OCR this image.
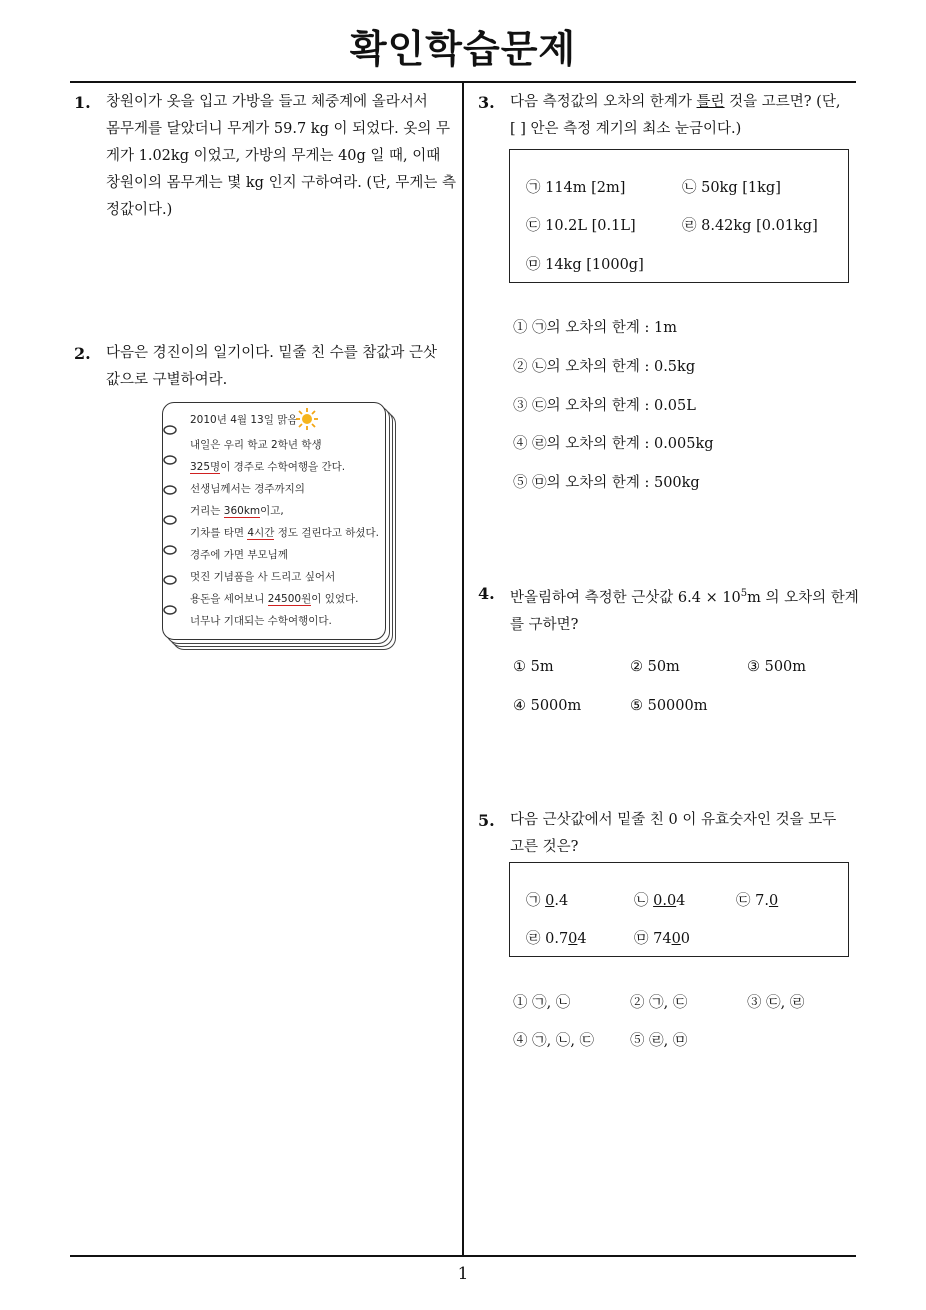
확인학습문제
1
1. 창원이가 옷을 입고 가방을 들고 체중계에 올라서서
몸무게를 달았더니 무게가 59.7 kg 이 되었다. 옷의 무
게가 1.02kg 이었고, 가방의 무게는 40g 일 때, 이때
창원이의 몸무게는 몇 kg 인지 구하여라. (단, 무게는 측
정값이다.)
2. 다음은 경진이의 일기이다. 밑줄 친 수를 참값과 근삿
값으로 구별하여라.
2010년 4월 13일 맑음
내일은 우리 학교 2학년 학생
325명이 경주로 수학여행을 간다.
선생님께서는 경주까지의
거리는 360km이고,
기차를 타면 4시간 정도 걸린다고 하셨다.
경주에 가면 부모님께
멋진 기념품을 사 드리고 싶어서
용돈을 세어보니 24500원이 있었다.
너무나 기대되는 수학여행이다.
3. 다음 측정값의 오차의 한계가 틀린 것을 고르면? (단,
[ ] 안은 측정 계기의 최소 눈금이다.)
㉠ 114m [2m]	㉡ 50kg [1kg]
㉢ 10.2L [0.1L]	㉣ 8.42kg [0.01kg]
㉤ 14kg [1000g]
① ㉠의 오차의 한계 : 1m
② ㉡의 오차의 한계 : 0.5kg
③ ㉢의 오차의 한계 : 0.05L
④ ㉣의 오차의 한계 : 0.005kg
⑤ ㉤의 오차의 한계 : 500kg
4. 반올림하여 측정한 근삿값 $6.4 \times 10^5m$ 의 오차의 한계
를 구하면?
① 5m	② 50m	③ 500m
④ 5000m	⑤ 50000m
5. 다음 근삿값에서 밑줄 친 0 이 유효숫자인 것을 모두
고른 것은?
㉠ 0.4	㉡ 0.04	㉢ 7.0
㉣ 0.704	㉤ 7400
① ㉠, ㉡	② ㉠, ㉢	③ ㉢, ㉣
④ ㉠, ㉡, ㉢ ⑤ ㉣, ㉤
